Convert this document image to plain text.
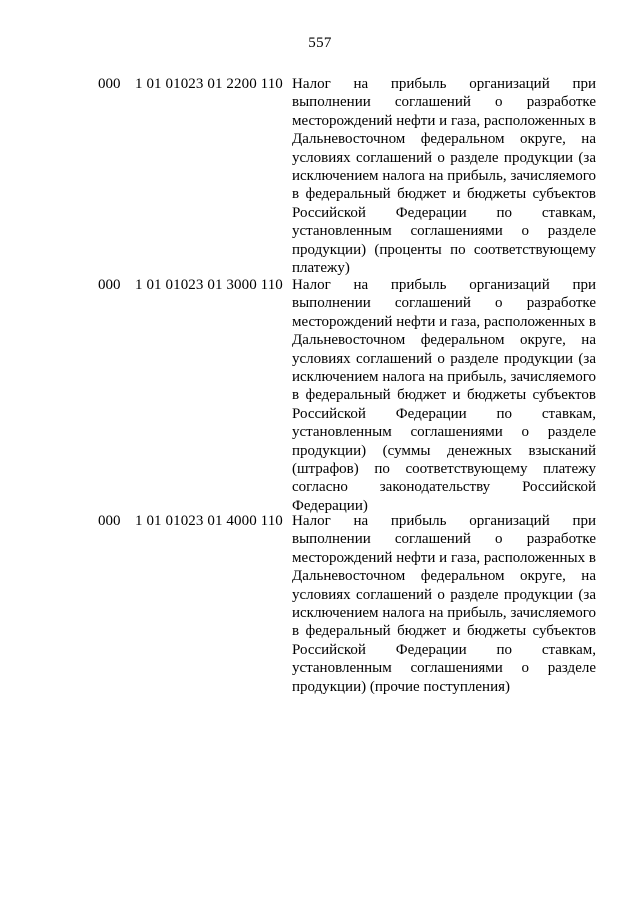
557
000 1 01 01023 01 2200 110 Налог на прибыль организаций при выполнении соглашений о разработке месторождений нефти и газа, расположенных в Дальневосточном федеральном округе, на условиях соглашений о разделе продукции (за исключением налога на прибыль, зачисляемого в федеральный бюджет и бюджеты субъектов Российской Федерации по ставкам, установленным соглашениями о разделе продукции) (проценты по соответствующему платежу)

000 1 01 01023 01 3000 110 Налог на прибыль организаций при выполнении соглашений о разработке месторождений нефти и газа, расположенных в Дальневосточном федеральном округе, на условиях соглашений о разделе продукции (за исключением налога на прибыль, зачисляемого в федеральный бюджет и бюджеты субъектов Российской Федерации по ставкам, установленным соглашениями о разделе продукции) (суммы денежных взысканий (штрафов) по соответствующему платежу согласно законодательству Российской Федерации)

000 1 01 01023 01 4000 110 Налог на прибыль организаций при выполнении соглашений о разработке месторождений нефти и газа, расположенных в Дальневосточном федеральном округе, на условиях соглашений о разделе продукции (за исключением налога на прибыль, зачисляемого в федеральный бюджет и бюджеты субъектов Российской Федерации по ставкам, установленным соглашениями о разделе продукции) (прочие поступления)
